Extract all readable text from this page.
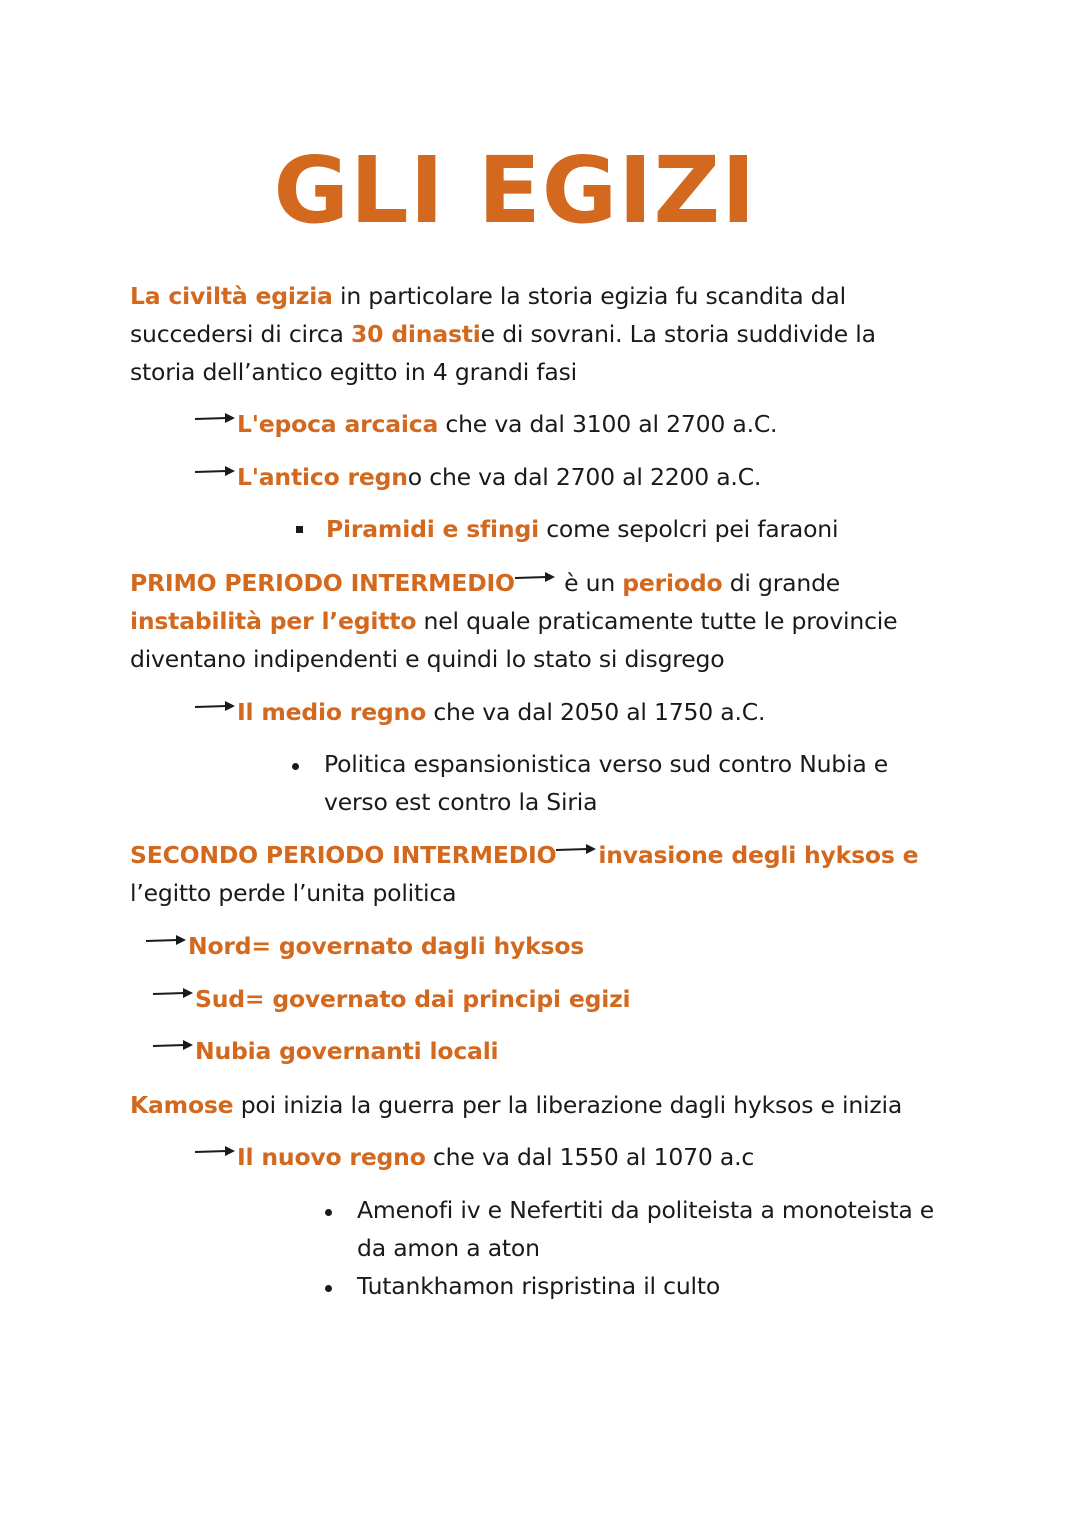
GLI EGIZI
La civiltà egizia in particolare la storia egizia fu scandita dal succedersi di circa 30 dinastie di sovrani. La storia suddivide la storia dell’antico egitto in 4 grandi fasi
L'epoca arcaica che va dal 3100 al 2700 a.C.
L'antico regno che va dal 2700 al 2200 a.C.
Piramidi e sfingi come sepolcri pei faraoni
PRIMO PERIODO INTERMEDIO è un periodo di grande instabilità per l’egitto nel quale praticamente tutte le provincie diventano indipendenti e quindi lo stato si disgrego
Il medio regno che va dal 2050 al 1750 a.C.
Politica espansionistica verso sud contro Nubia e verso est contro la Siria
SECONDO PERIODO INTERMEDIO invasione degli hyksos e
l’egitto perde l’unita politica
Nord= governato dagli hyksos
Sud= governato dai principi egizi
Nubia governanti locali
Kamose poi inizia la guerra per la liberazione dagli hyksos e inizia
Il nuovo regno che va dal 1550 al 1070 a.c
Amenofi iv e Nefertiti da politeista a monoteista e da amon a aton
Tutankhamon rispristina il culto
